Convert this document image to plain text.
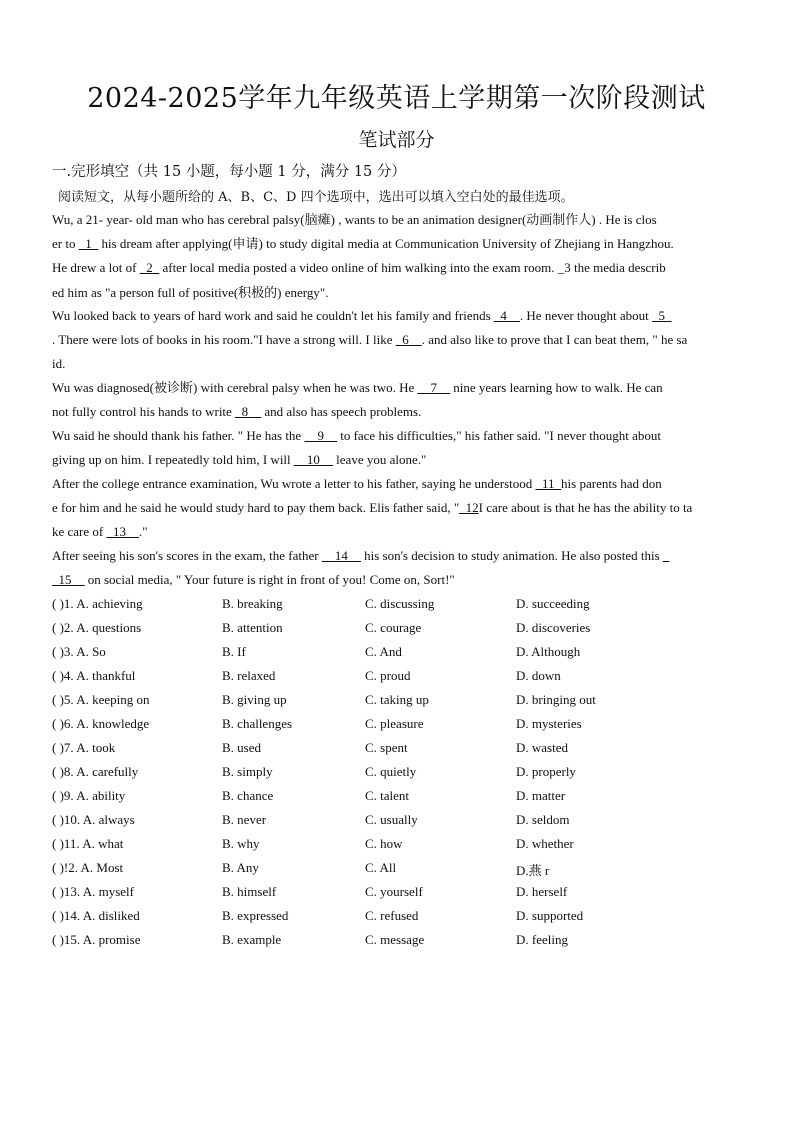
2024-2025学年九年级英语上学期第一次阶段测试
笔试部分
一.完形填空（共 15 小题，每小题 1 分，满分 15 分）
阅读短文，从每小题所给的 A、B、C、D 四个选项中，选出可以填入空白处的最佳选项。
Wu, a 21- year- old man who has cerebral palsy(脑瘫) , wants to be an animation designer(动画制作人) . He is clos
er to _1_ his dream after applying(申请) to study digital media at Communication University of Zhejiang in Hangzhou.
He drew a lot of _2_ after local media posted a video online of him walking into the exam room. _3 the media describ
ed him as "a person full of positive(积极的) energy".
Wu looked back to years of hard work and said he couldn't let his family and friends _4__. He never thought about _5_
. There were lots of books in his room."I have a strong will. I like _6__. and also like to prove that I can beat them, " he sa
id.
Wu was diagnosed(被诊断) with cerebral palsy when he was two. He __7__ nine years learning how to walk. He can
not fully control his hands to write _8__ and also has speech problems.
Wu said he should thank his father. " He has the __9__ to face his difficulties," his father said. "I never thought about
giving up on him. I repeatedly told him, I will __10__ leave you alone."
After the college entrance examination, Wu wrote a letter to his father, saying he understood _11_his parents had don
e for him and he said he would study hard to pay them back. Elis father said, "_12I care about is that he has the ability to ta
ke care of _13__."
After seeing his son's scores in the exam, the father __14__ his son's decision to study animation. He also posted this _
_15__ on social media, " Your future is right in front of you! Come on, Sort!"
( )1. A. achieving	B. breaking	C. discussing	D. succeeding
( )2. A. questions	B. attention	C. courage	D. discoveries
( )3. A. So	B. If	C. And	D. Although
( )4. A. thankful	B. relaxed	C. proud	D. down
( )5. A. keeping on	B. giving up	C. taking up	D. bringing out
( )6. A. knowledge	B. challenges	C. pleasure	D. mysteries
( )7. A. took	B. used	C. spent	D. wasted
( )8. A. carefully	B. simply	C. quietly	D. properly
( )9. A. ability	B. chance	C. talent	D. matter
( )10. A. always	B. never	C. usually	D. seldom
( )11. A. what	B. why	C. how	D. whether
( )!2. A. Most	B. Any	C. All	D.燕 r
( )13. A. myself	B. himself	C. yourself	D. herself
( )14. A. disliked	B. expressed	C. refused	D. supported
( )15. A. promise	B. example	C. message	D. feeling
